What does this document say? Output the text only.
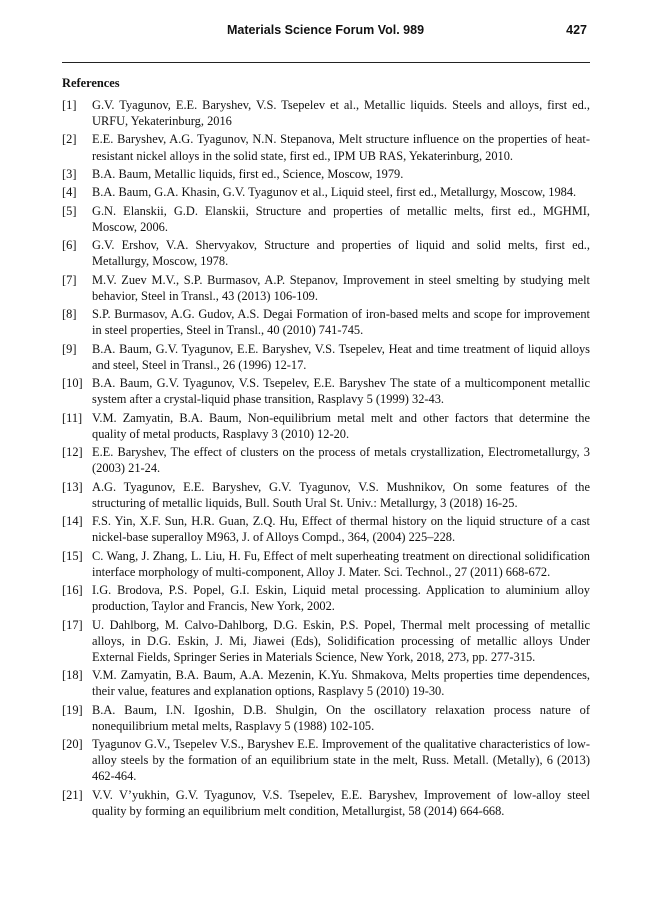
Materials Science Forum Vol. 989	427
References
[1] G.V. Tyagunov, E.E. Baryshev, V.S. Tsepelev et al., Metallic liquids. Steels and alloys, first ed., URFU, Yekaterinburg, 2016
[2] E.E. Baryshev, A.G. Tyagunov, N.N. Stepanova, Melt structure influence on the properties of heat-resistant nickel alloys in the solid state, first ed., IPM UB RAS, Yekaterinburg, 2010.
[3] B.A. Baum, Metallic liquids, first ed., Science, Moscow, 1979.
[4] B.A. Baum, G.A. Khasin, G.V. Tyagunov et al., Liquid steel, first ed., Metallurgy, Moscow, 1984.
[5] G.N. Elanskii, G.D. Elanskii, Structure and properties of metallic melts, first ed., MGHMI, Moscow, 2006.
[6] G.V. Ershov, V.A. Shervyakov, Structure and properties of liquid and solid melts, first ed., Metallurgy, Moscow, 1978.
[7] M.V. Zuev M.V., S.P. Burmasov, A.P. Stepanov, Improvement in steel smelting by studying melt behavior, Steel in Transl., 43 (2013) 106-109.
[8] S.P. Burmasov, A.G. Gudov, A.S. Degai Formation of iron-based melts and scope for improvement in steel properties, Steel in Transl., 40 (2010) 741-745.
[9] B.A. Baum, G.V. Tyagunov, E.E. Baryshev, V.S. Tsepelev, Heat and time treatment of liquid alloys and steel, Steel in Transl., 26 (1996) 12-17.
[10] B.A. Baum, G.V. Tyagunov, V.S. Tsepelev, E.E. Baryshev The state of a multicomponent metallic system after a crystal-liquid phase transition, Rasplavy 5 (1999) 32-43.
[11] V.M. Zamyatin, B.A. Baum, Non-equilibrium metal melt and other factors that determine the quality of metal products, Rasplavy 3 (2010) 12-20.
[12] E.E. Baryshev, The effect of clusters on the process of metals crystallization, Electrometallurgy, 3 (2003) 21-24.
[13] A.G. Tyagunov, E.E. Baryshev, G.V. Tyagunov, V.S. Mushnikov, On some features of the structuring of metallic liquids, Bull. South Ural St. Univ.: Metallurgy, 3 (2018) 16-25.
[14] F.S. Yin, X.F. Sun, H.R. Guan, Z.Q. Hu, Effect of thermal history on the liquid structure of a cast nickel-base superalloy M963, J. of Alloys Compd., 364, (2004) 225–228.
[15] C. Wang, J. Zhang, L. Liu, H. Fu, Effect of melt superheating treatment on directional solidification interface morphology of multi-component, Alloy J. Mater. Sci. Technol., 27 (2011) 668-672.
[16] I.G. Brodova, P.S. Popel, G.I. Eskin, Liquid metal processing. Application to aluminium alloy production, Taylor and Francis, New York, 2002.
[17] U. Dahlborg, M. Calvo-Dahlborg, D.G. Eskin, P.S. Popel, Thermal melt processing of metallic alloys, in D.G. Eskin, J. Mi, Jiawei (Eds), Solidification processing of metallic alloys Under External Fields, Springer Series in Materials Science, New York, 2018, 273, pp. 277-315.
[18] V.M. Zamyatin, B.A. Baum, A.A. Mezenin, K.Yu. Shmakova, Melts properties time dependences, their value, features and explanation options, Rasplavy 5 (2010) 19-30.
[19] B.A. Baum, I.N. Igoshin, D.B. Shulgin, On the oscillatory relaxation process nature of nonequilibrium metal melts, Rasplavy 5 (1988) 102-105.
[20] Tyagunov G.V., Tsepelev V.S., Baryshev E.E. Improvement of the qualitative characteristics of low-alloy steels by the formation of an equilibrium state in the melt, Russ. Metall. (Metally), 6 (2013) 462-464.
[21] V.V. V’yukhin, G.V. Tyagunov, V.S. Tsepelev, E.E. Baryshev, Improvement of low-alloy steel quality by forming an equilibrium melt condition, Metallurgist, 58 (2014) 664-668.
